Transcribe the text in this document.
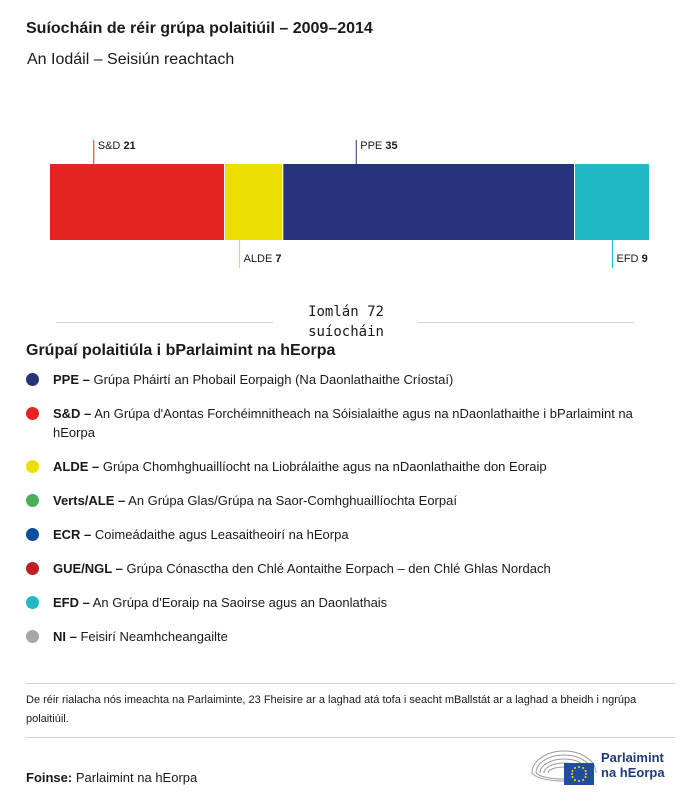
Suíocháin de réir grúpa polaitiúil – 2009–2014
An Iodáil – Seisiún reachtach
S&D 21
ALDE 7
PPE 35
EFD 9
Iomlán 72
suíocháin
Grúpaí polaitiúla i bParlaimint na hEorpa
PPE – Grúpa Pháirtí an Phobail Eorpaigh (Na Daonlathaithe Críostaí)
S&D – An Grúpa d'Aontas Forchéimnitheach na Sóisialaithe agus na nDaonlathaithe i bParlaimint na hEorpa
ALDE – Grúpa Chomhghuaillíocht na Liobrálaithe agus na nDaonlathaithe don Eoraip
Verts/ALE – An Grúpa Glas/Grúpa na Saor-Comhghuaillíochta Eorpaí
ECR – Coimeádaithe agus Leasaitheoirí na hEorpa
GUE/NGL – Grúpa Cónasctha den Chlé Aontaithe Eorpach – den Chlé Ghlas Nordach
EFD – An Grúpa d'Eoraip na Saoirse agus an Daonlathais
NI – Feisirí Neamhcheangailte
De réir rialacha nós imeachta na Parlaiminte, 23 Fheisire ar a laghad atá tofa i seacht mBallstát ar a laghad a bheidh i ngrúpa polaitiúil.
Foinse: Parlaimint na hEorpa
Parlaimint
na hEorpa
